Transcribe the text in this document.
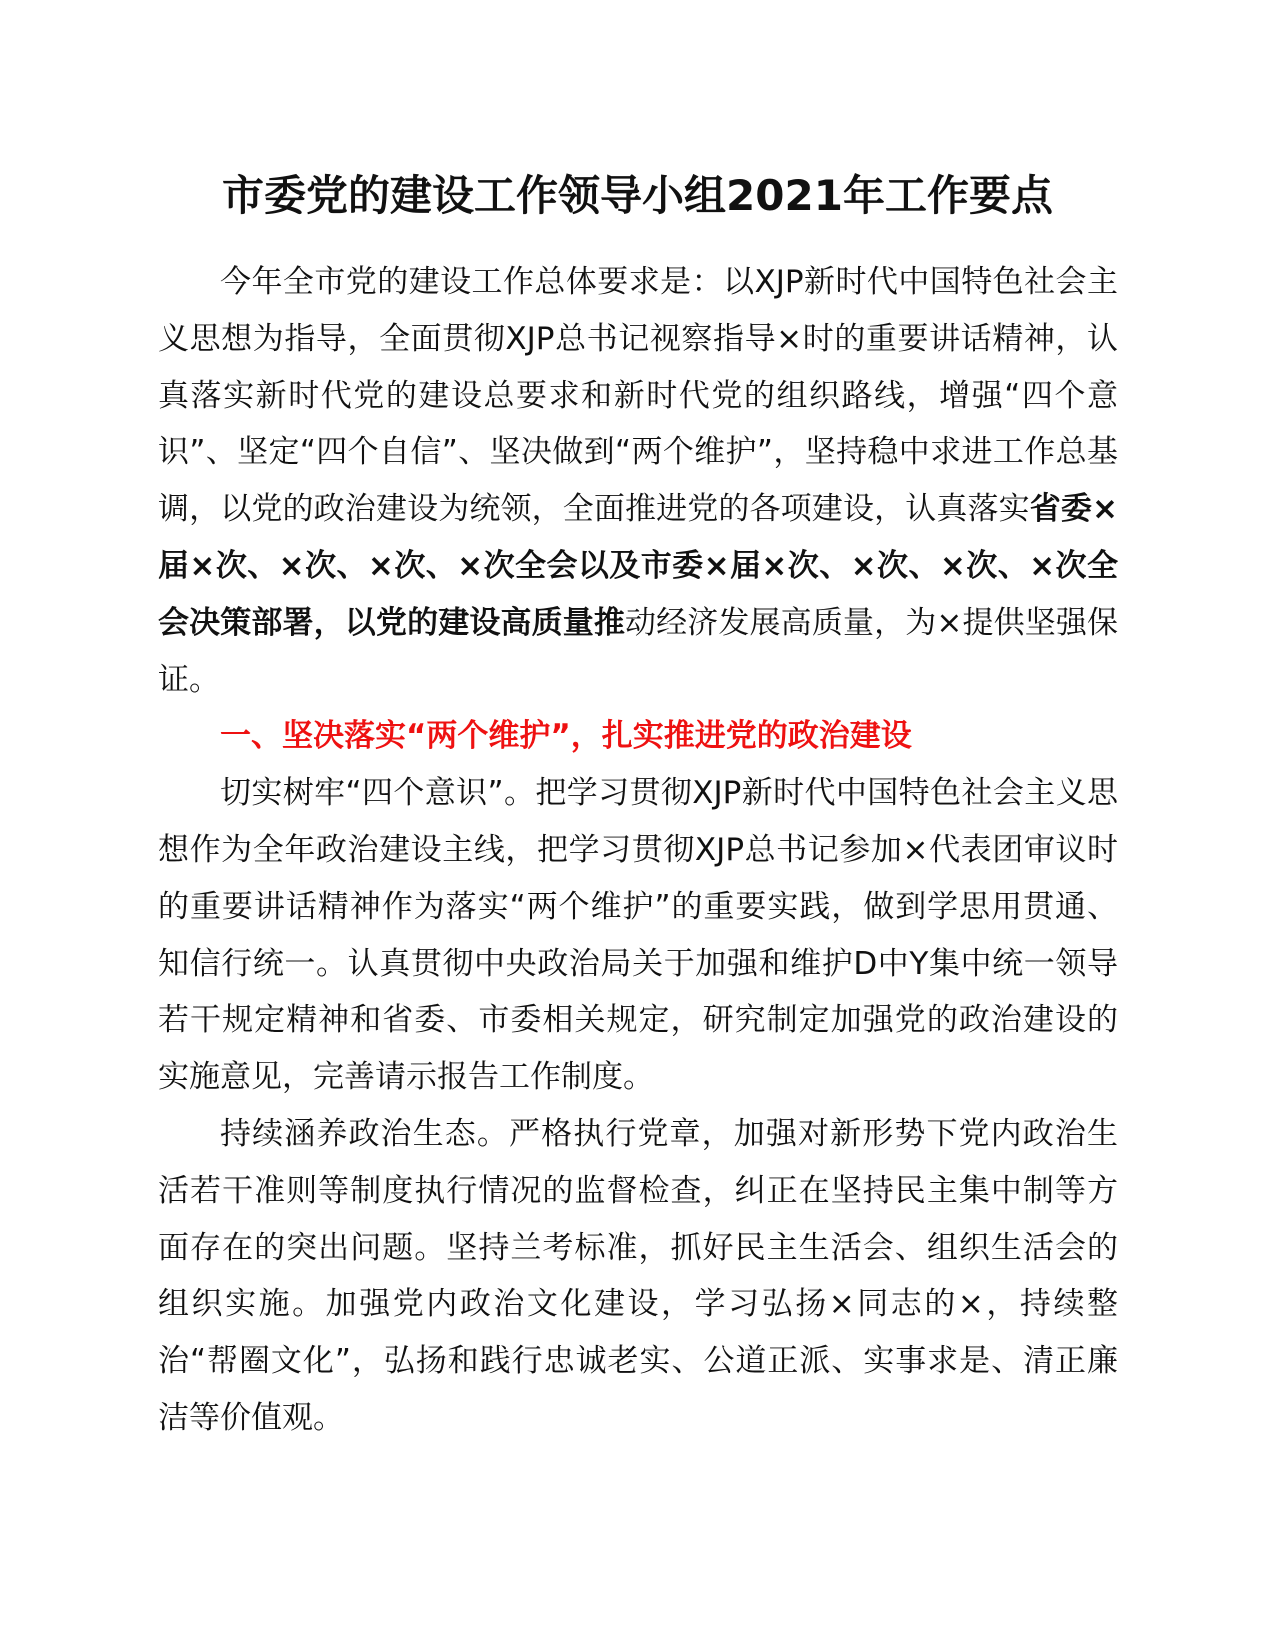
市委党的建设工作领导小组2021年工作要点

今年全市党的建设工作总体要求是：以XJP新时代中国特色社会主义思想为指导，全面贯彻XJP总书记视察指导×时的重要讲话精神，认真落实新时代党的建设总要求和新时代党的组织路线，增强“四个意识”、坚定“四个自信”、坚决做到“两个维护”，坚持稳中求进工作总基调，以党的政治建设为统领，全面推进党的各项建设，认真落实省委×届×次、×次、×次、×次全会以及市委×届×次、×次、×次、×次全会决策部署，以党的建设高质量推动经济发展高质量，为×提供坚强保证。

一、坚决落实“两个维护”，扎实推进党的政治建设

切实树牢“四个意识”。把学习贯彻XJP新时代中国特色社会主义思想作为全年政治建设主线，把学习贯彻XJP总书记参加×代表团审议时的重要讲话精神作为落实“两个维护”的重要实践，做到学思用贯通、知信行统一。认真贯彻中央政治局关于加强和维护D中Y集中统一领导若干规定精神和省委、市委相关规定，研究制定加强党的政治建设的实施意见，完善请示报告工作制度。

持续涵养政治生态。严格执行党章，加强对新形势下党内政治生活若干准则等制度执行情况的监督检查，纠正在坚持民主集中制等方面存在的突出问题。坚持兰考标准，抓好民主生活会、组织生活会的组织实施。加强党内政治文化建设，学习弘扬×同志的×，持续整治“帮圈文化”，弘扬和践行忠诚老实、公道正派、实事求是、清正廉洁等价值观。
